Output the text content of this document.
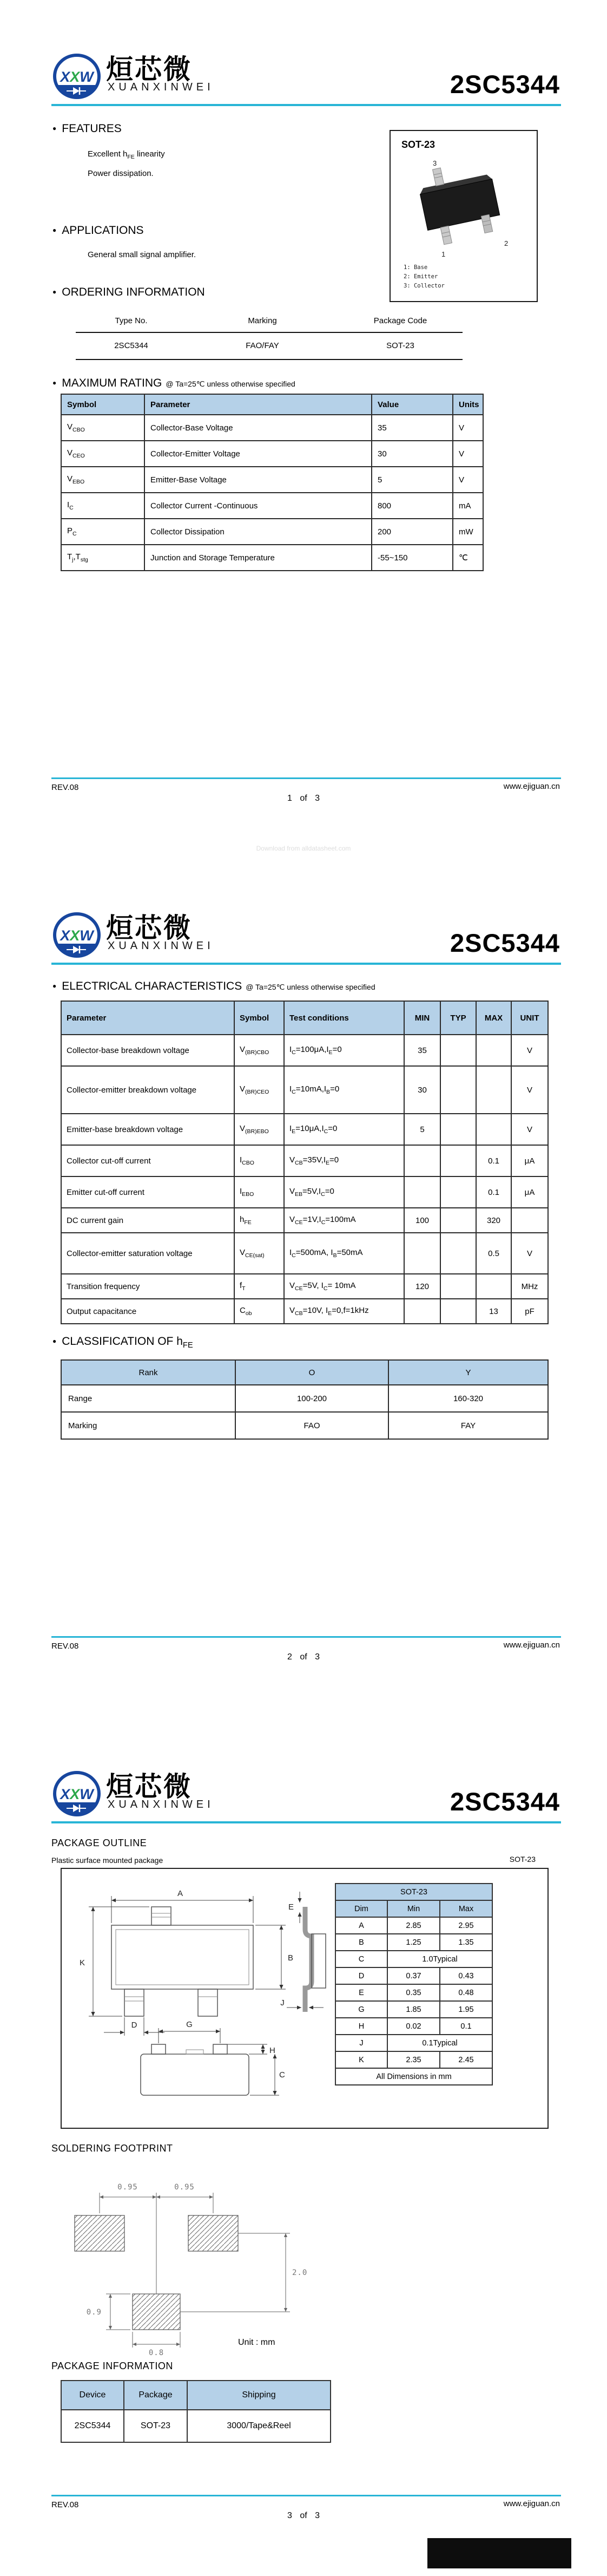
XXW 烜芯微
XUANXINWEI	2SC5344
● FEATURES
Excellent $h_{FE}$ linearity
Power dissipation.
SOT-23
3
2
1
1: Base
2: Emitter
3: Collector
● APPLICATIONS
General small signal amplifier.
● ORDERING INFORMATION
Type No.	Marking	Package Code
2SC5344	FAO/FAY	SOT-23
● MAXIMUM RATING @ Ta=25℃ unless otherwise specified
Symbol	Parameter	Value	Units
$V_{CBO}$	Collector-Base Voltage	35	V
$V_{CEO}$	Collector-Emitter Voltage	30	V
$V_{EBO}$	Emitter-Base Voltage	5	V
$I_C$	Collector Current -Continuous	800	mA
$P_C$	Collector Dissipation	200	mW
$T_j,T_{stg}$	Junction and Storage Temperature	-55~150	℃
REV.08	www.ejiguan.cn
1 of 3
Download from alldatasheet.com
XXW 烜芯微
XUANXINWEI	2SC5344
● ELECTRICAL CHARACTERISTICS @ Ta=25℃ unless otherwise specified
Parameter	Symbol	Test conditions	MIN	TYP	MAX	UNIT
Collector-base breakdown voltage	$V_{(BR)CBO}$	$I_C=100\mu A,I_E=0$	35			V
Collector-emitter breakdown voltage	$V_{(BR)CEO}$	$I_C=10mA,I_B=0$	30			V
Emitter-base breakdown voltage	$V_{(BR)EBO}$	$I_E=10\mu A,I_C=0$	5			V
Collector cut-off current	$I_{CBO}$	$V_{CB}=35V,I_E=0$			0.1	μA
Emitter cut-off current	$I_{EBO}$	$V_{EB}=5V,I_C=0$			0.1	μA
DC current gain	$h_{FE}$	$V_{CE}=1V,I_C=100mA$	100		320	
Collector-emitter saturation voltage	$V_{CE(sat)}$	$I_C=500mA$, $I_B=50mA$			0.5	V
Transition frequency	$f_T$	$V_{CE}=5V$, $I_C= 10mA$	120			MHz
Output capacitance	$C_{ob}$	$V_{CB}=10V$, $I_E=0,f=1kHz$			13	pF
● CLASSIFICATION OF $h_{FE}$
Rank	O	Y
Range	100-200	160-320
Marking	FAO	FAY
REV.08	www.ejiguan.cn
2 of 3
XXW 烜芯微
XUANXINWEI	2SC5344
PACKAGE OUTLINE
Plastic surface mounted package	SOT-23
A
K
B
D
E
J
G
H
C
SOT-23		
Dim	Min	Max
A	2.85	2.95
B	1.25	1.35
C	1.0Typical	
D	0.37	0.43
E	0.35	0.48
G	1.85	1.95
H	0.02	0.1
J	0.1Typical	
K	2.35	2.45
All Dimensions in mm		
SOLDERING FOOTPRINT
0.95	0.95
2.0
0.9
0.8
Unit : mm
PACKAGE INFORMATION
Device	Package	Shipping
2SC5344	SOT-23	3000/Tape&Reel
REV.08	www.ejiguan.cn
3 of 3
